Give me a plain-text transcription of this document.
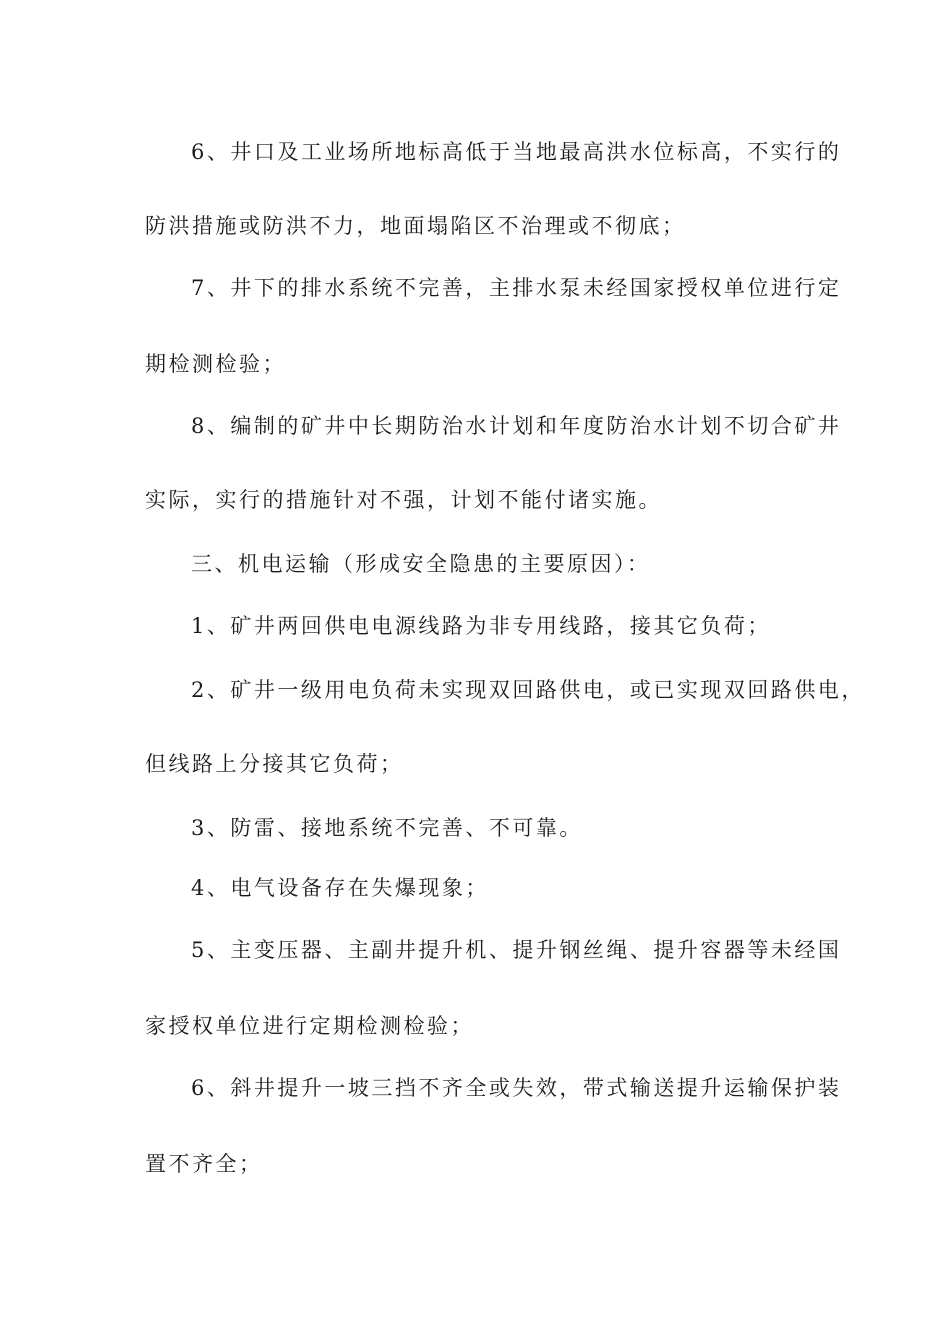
6、井口及工业场所地标高低于当地最高洪水位标高，不实行的
防洪措施或防洪不力，地面塌陷区不治理或不彻底；
7、井下的排水系统不完善，主排水泵未经国家授权单位进行定
期检测检验；
8、编制的矿井中长期防治水计划和年度防治水计划不切合矿井
实际，实行的措施针对不强，计划不能付诸实施。
三、机电运输（形成安全隐患的主要原因）：
1、矿井两回供电电源线路为非专用线路，接其它负荷；
2、矿井一级用电负荷未实现双回路供电，或已实现双回路供电，
但线路上分接其它负荷；
3、防雷、接地系统不完善、不可靠。
4、电气设备存在失爆现象；
5、主变压器、主副井提升机、提升钢丝绳、提升容器等未经国
家授权单位进行定期检测检验；
6、斜井提升一坡三挡不齐全或失效，带式输送提升运输保护装
置不齐全；
